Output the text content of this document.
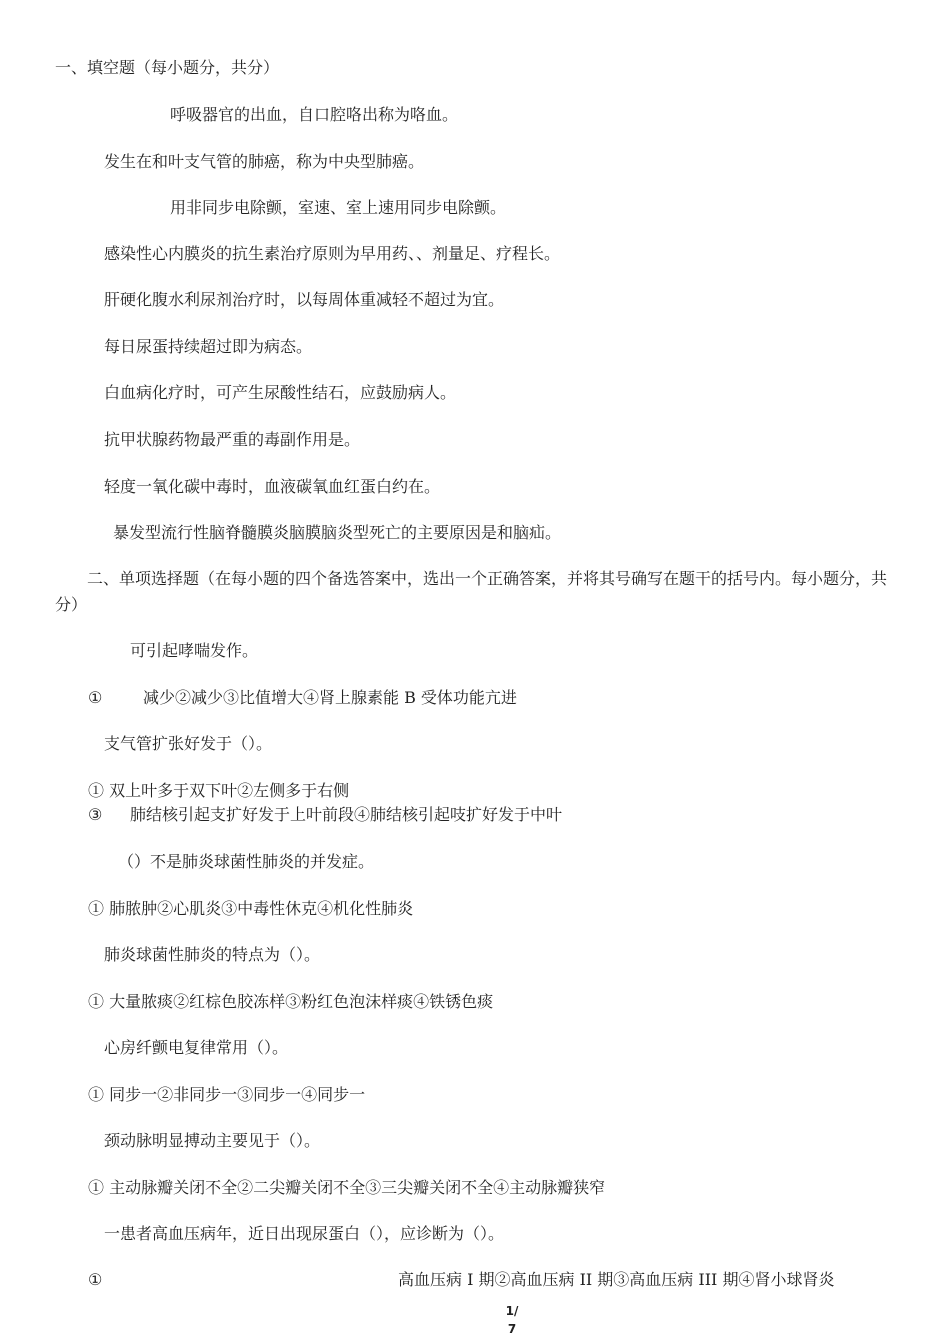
一、填空题（每小题分，共分）
呼吸器官的出血，自口腔咯出称为咯血。
发生在和叶支气管的肺癌，称为中央型肺癌。
用非同步电除颤，室速、室上速用同步电除颤。
感染性心内膜炎的抗生素治疗原则为早用药、、剂量足、疗程长。
肝硬化腹水利尿剂治疗时，以每周体重减轻不超过为宜。
每日尿蛋持续超过即为病态。
白血病化疗时，可产生尿酸性结石，应鼓励病人。
抗甲状腺药物最严重的毒副作用是。
轻度一氧化碳中毒时，血液碳氧血红蛋白约在。
暴发型流行性脑脊髓膜炎脑膜脑炎型死亡的主要原因是和脑疝。
二、单项选择题（在每小题的四个备选答案中，选出一个正确答案，并将其号确写在题干的括号内。每小题分，共分）
可引起哮喘发作。
①	减少②减少③比值增大④肾上腺素能 B 受体功能亢进
支气管扩张好发于（）。
① 双上叶多于双下叶②左侧多于右侧
③ 肺结核引起支扩好发于上叶前段④肺结核引起吱扩好发于中叶
（）不是肺炎球菌性肺炎的并发症。
① 肺脓肿②心肌炎③中毒性休克④机化性肺炎
肺炎球菌性肺炎的特点为（）。
① 大量脓痰②红棕色胶冻样③粉红色泡沫样痰④铁锈色痰
心房纤颤电复律常用（）。
① 同步一②非同步一③同步一④同步一
颈动脉明显搏动主要见于（）。
① 主动脉瓣关闭不全②二尖瓣关闭不全③三尖瓣关闭不全④主动脉瓣狭窄
一患者高血压病年，近日出现尿蛋白（），应诊断为（）。
①	高血压病 I 期②高血压病 II 期③高血压病 III 期④肾小球肾炎
1/
7
